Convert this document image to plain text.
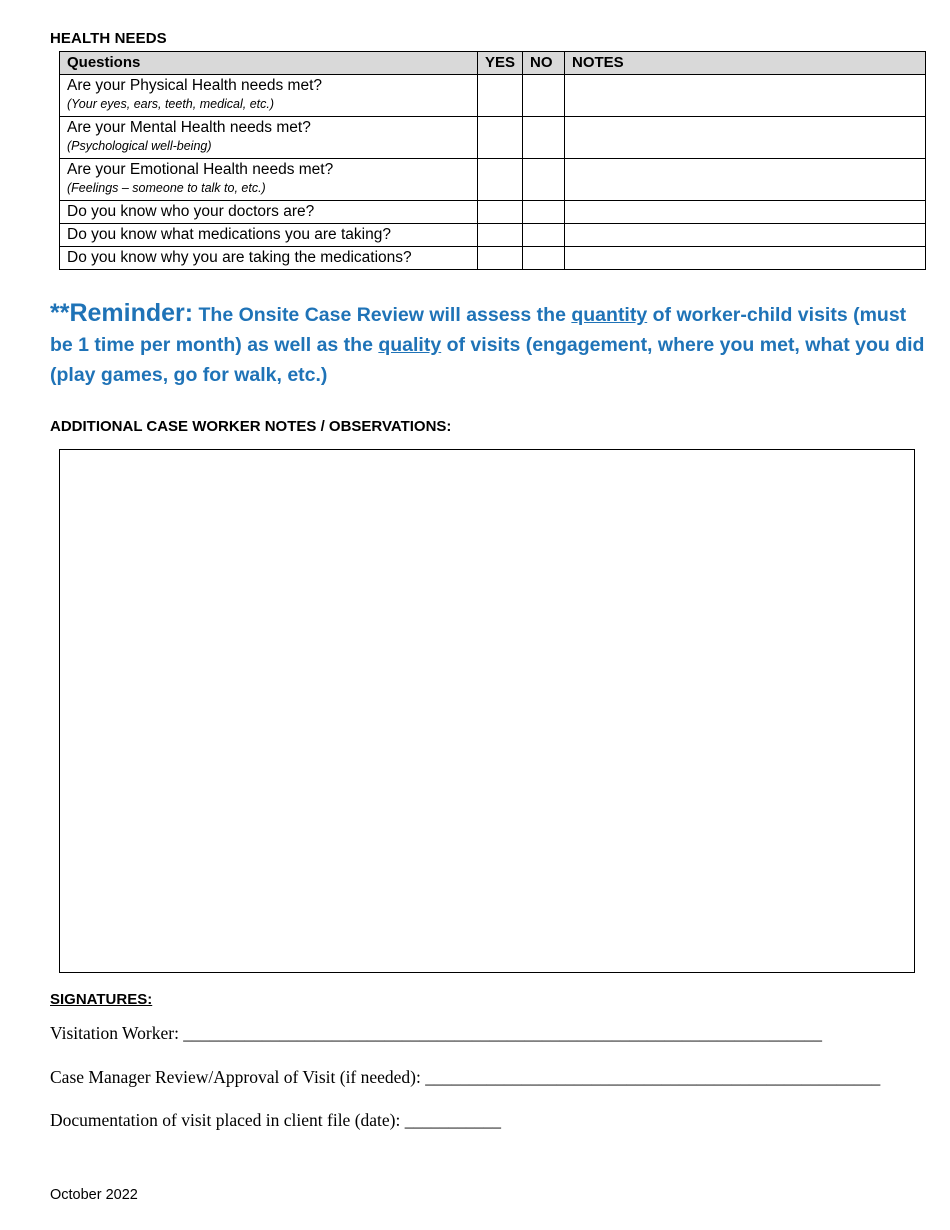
HEALTH NEEDS
Questions	YES	NO	NOTES

Are your Physical Health needs met?
(Your eyes, ears, teeth, medical, etc.)			

Are your Mental Health needs met?
(Psychological well-being)			

Are your Emotional Health needs met?
(Feelings – someone to talk to, etc.)			

Do you know who your doctors are?			
Do you know what medications you are taking?			
Do you know why you are taking the medications?			
**Reminder: The Onsite Case Review will assess the quantity of worker-child visits (must be 1 time per month) as well as the quality of visits (engagement, where you met, what you did (play games, go for walk, etc.)
ADDITIONAL CASE WORKER NOTES / OBSERVATIONS:
SIGNATURES:
Visitation Worker: _________________________________________________________________________
Case Manager Review/Approval of Visit (if needed): ____________________________________________________
Documentation of visit placed in client file (date): ___________
October 2022
